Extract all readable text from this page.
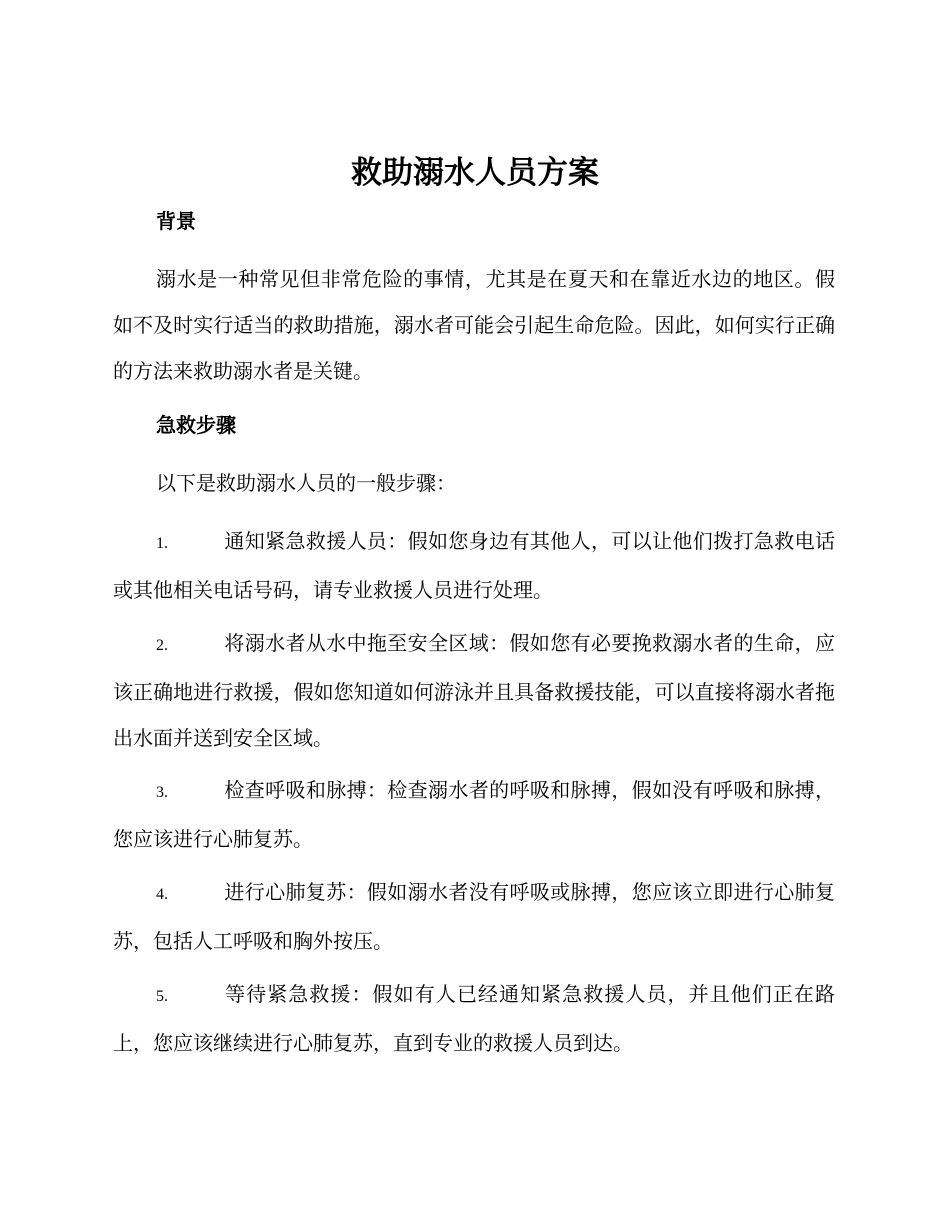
救助溺水人员方案
背景

溺水是一种常见但非常危险的事情，尤其是在夏天和在靠近水边的地区。假如不及时实行适当的救助措施，溺水者可能会引起生命危险。因此，如何实行正确的方法来救助溺水者是关键。

急救步骤

以下是救助溺水人员的一般步骤：

1.	通知紧急救援人员：假如您身边有其他人，可以让他们拨打急救电话或其他相关电话号码，请专业救援人员进行处理。

2.	将溺水者从水中拖至安全区域：假如您有必要挽救溺水者的生命，应该正确地进行救援，假如您知道如何游泳并且具备救援技能，可以直接将溺水者拖出水面并送到安全区域。

3.	检查呼吸和脉搏：检查溺水者的呼吸和脉搏，假如没有呼吸和脉搏，您应该进行心肺复苏。

4.	进行心肺复苏：假如溺水者没有呼吸或脉搏，您应该立即进行心肺复苏，包括人工呼吸和胸外按压。

5.	等待紧急救援：假如有人已经通知紧急救援人员，并且他们正在路上，您应该继续进行心肺复苏，直到专业的救援人员到达。
